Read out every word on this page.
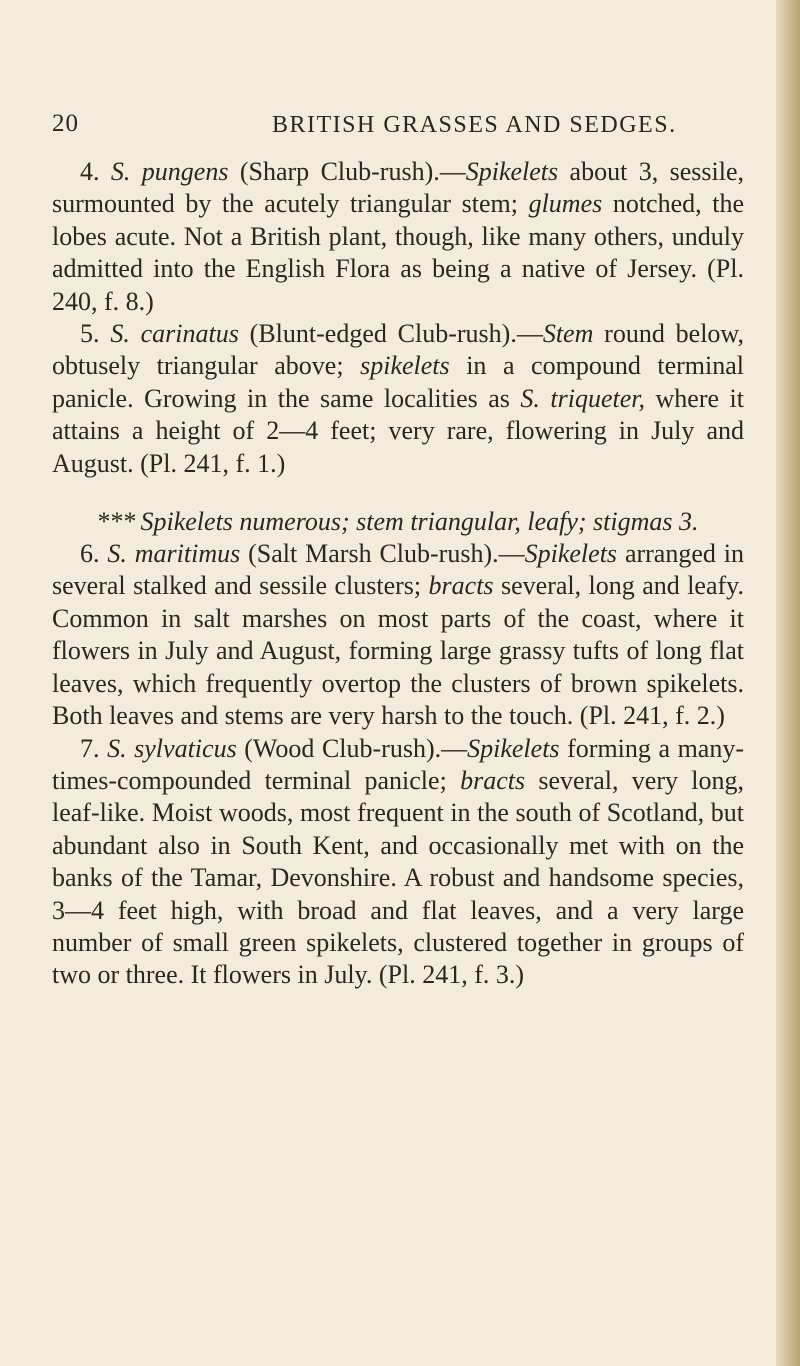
20	BRITISH GRASSES AND SEDGES.

4. S. pungens (Sharp Club-rush).—Spikelets about 3, sessile, surmounted by the acutely triangular stem; glumes notched, the lobes acute. Not a British plant, though, like many others, unduly admitted into the English Flora as being a native of Jersey. (Pl. 240, f. 8.)

5. S. carinatus (Blunt-edged Club-rush).—Stem round below, obtusely triangular above; spikelets in a compound terminal panicle. Growing in the same localities as S. triqueter, where it attains a height of 2—4 feet; very rare, flowering in July and August. (Pl. 241, f. 1.)

*** Spikelets numerous; stem triangular, leafy; stigmas 3.

6. S. maritimus (Salt Marsh Club-rush).—Spikelets arranged in several stalked and sessile clusters; bracts several, long and leafy. Common in salt marshes on most parts of the coast, where it flowers in July and August, forming large grassy tufts of long flat leaves, which frequently overtop the clusters of brown spikelets. Both leaves and stems are very harsh to the touch. (Pl. 241, f. 2.)

7. S. sylvaticus (Wood Club-rush).—Spikelets forming a many-times-compounded terminal panicle; bracts several, very long, leaf-like. Moist woods, most frequent in the south of Scotland, but abundant also in South Kent, and occasionally met with on the banks of the Tamar, Devonshire. A robust and handsome species, 3—4 feet high, with broad and flat leaves, and a very large number of small green spikelets, clustered together in groups of two or three. It flowers in July. (Pl. 241, f. 3.)
